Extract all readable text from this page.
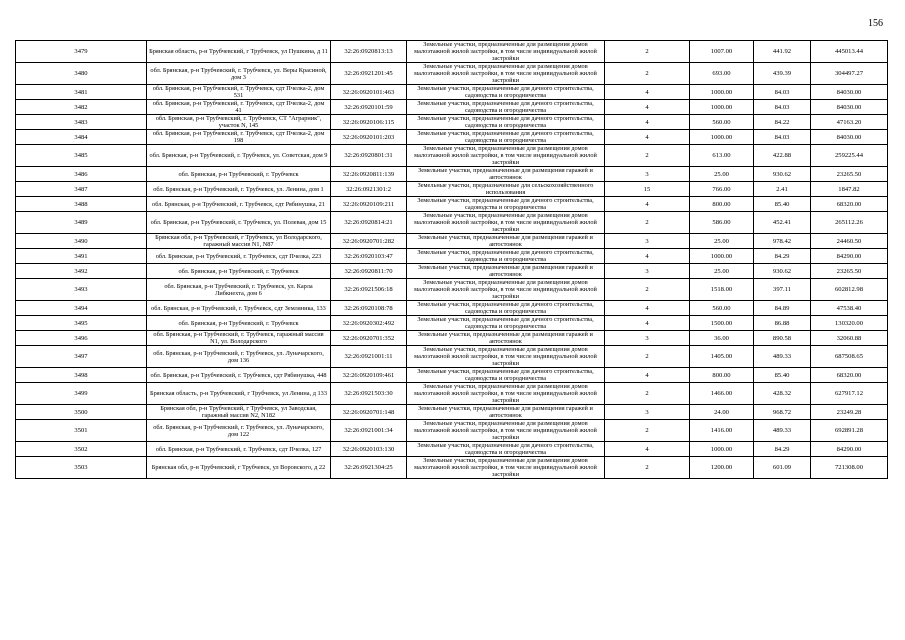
156
3479	Брянская область, р-н Трубчевский, г Трубчевск, ул Пушкина, д 11	32:26:0920813:13	Земельные участки, предназначенные для размещения домов малоэтажной жилой застройки, в том числе индивидуальной жилой застройки	2	1007.00	441.92	445013.44
3480	обл. Брянская, р-н Трубчевский, г. Трубчевск, ул. Веры Красиной, дом 3	32:26:0921201:45	Земельные участки, предназначенные для размещения домов малоэтажной жилой застройки, в том числе индивидуальной жилой застройки	2	693.00	439.39	304497.27
3481	обл. Брянская, р-н Трубчевский, г. Трубчевск, сдт Пчелка-2, дом 531	32:26:0920101:463	Земельные участки, предназначенные для дачного строительства, садоводства и огородничества	4	1000.00	84.03	84030.00
3482	обл. Брянская, р-н Трубчевский, г. Трубчевск, сдт Пчелка-2, дом 41	32:26:0920101:59	Земельные участки, предназначенные для дачного строительства, садоводства и огородничества	4	1000.00	84.03	84030.00
3483	обл. Брянская, р-н Трубчевский, г. Трубчевск, СТ "Аграрник", участок N, 145	32:26:0920106:115	Земельные участки, предназначенные для дачного строительства, садоводства и огородничества	4	560.00	84.22	47163.20
3484	обл. Брянская, р-н Трубчевский, г. Трубчевск, сдт Пчелка-2, дом 198	32:26:0920101:203	Земельные участки, предназначенные для дачного строительства, садоводства и огородничества	4	1000.00	84.03	84030.00
3485	обл. Брянская, р-н Трубчевский, г. Трубчевск, ул. Советская, дом 9	32:26:0920801:31	Земельные участки, предназначенные для размещения домов малоэтажной жилой застройки, в том числе индивидуальной жилой застройки	2	613.00	422.88	259225.44
3486	обл. Брянская, р-н Трубчевский, г. Трубчевск	32:26:0920811:139	Земельные участки, предназначенные для размещения гаражей и автостоянок	3	25.00	930.62	23265.50
3487	обл. Брянская, р-н Трубчевский, г. Трубчевск, ул. Ленина, дом 1	32:26:0921301:2	Земельные участки, предназначенные для сельскохозяйственного использования	15	766.00	2.41	1847.82
3488	обл. Брянская, р-н Трубчевский, г. Трубчевск, сдт Рябинушка, 21	32:26:0920109:211	Земельные участки, предназначенные для дачного строительства, садоводства и огородничества	4	800.00	85.40	68320.00
3489	обл. Брянская, р-н Трубчевский, г. Трубчевск, ул. Полевая, дом 15	32:26:0920814:21	Земельные участки, предназначенные для размещения домов малоэтажной жилой застройки, в том числе индивидуальной жилой застройки	2	586.00	452.41	265112.26
3490	Брянская обл, р-н Трубчевский, г Трубчевск, ул Володарского, гаражный массив N1, N87	32:26:0920701:282	Земельные участки, предназначенные для размещения гаражей и автостоянок	3	25.00	978.42	24460.50
3491	обл. Брянская, р-н Трубчевский, г. Трубчевск, сдт Пчелка, 223	32:26:0920103:47	Земельные участки, предназначенные для дачного строительства, садоводства и огородничества	4	1000.00	84.29	84290.00
3492	обл. Брянская, р-н Трубчевский, г. Трубчевск	32:26:0920811:70	Земельные участки, предназначенные для размещения гаражей и автостоянок	3	25.00	930.62	23265.50
3493	обл. Брянская, р-н Трубчевский, г. Трубчевск, ул. Карла Либкнехта, дом 6	32:26:0921506:18	Земельные участки, предназначенные для размещения домов малоэтажной жилой застройки, в том числе индивидуальной жилой застройки	2	1518.00	397.11	602812.98
3494	обл. Брянская, р-н Трубчевский, г. Трубчевск, сдт Земляника, 133	32:26:0920108:78	Земельные участки, предназначенные для дачного строительства, садоводства и огородничества	4	560.00	84.89	47538.40
3495	обл. Брянская, р-н Трубчевский, г. Трубчевск	32:26:0920302:492	Земельные участки, предназначенные для дачного строительства, садоводства и огородничества	4	1500.00	86.88	130320.00
3496	обл. Брянская, р-н Трубчевский, г. Трубчевск, гаражный массив N1, ул. Володарского	32:26:0920701:352	Земельные участки, предназначенные для размещения гаражей и автостоянок	3	36.00	890.58	32060.88
3497	обл. Брянская, р-н Трубчевский, г. Трубчевск, ул. Луначарского, дом 136	32:26:0921001:11	Земельные участки, предназначенные для размещения домов малоэтажной жилой застройки, в том числе индивидуальной жилой застройки	2	1405.00	489.33	687508.65
3498	обл. Брянская, р-н Трубчевский, г. Трубчевск, сдт Рябинушка, 448	32:26:0920109:461	Земельные участки, предназначенные для дачного строительства, садоводства и огородничества	4	800.00	85.40	68320.00
3499	Брянская область, р-н Трубчевский, г Трубчевск, ул Ленина, д 133	32:26:0921503:30	Земельные участки, предназначенные для размещения домов малоэтажной жилой застройки, в том числе индивидуальной жилой застройки	2	1466.00	428.32	627917.12
3500	Брянская обл, р-н Трубчевский, г Трубчевск, ул Заводская, гаражный массив N2, N182	32:26:0920701:148	Земельные участки, предназначенные для размещения гаражей и автостоянок	3	24.00	968.72	23249.28
3501	обл. Брянская, р-н Трубчевский, г. Трубчевск, ул. Луначарского, дом 122	32:26:0921001:34	Земельные участки, предназначенные для размещения домов малоэтажной жилой застройки, в том числе индивидуальной жилой застройки	2	1416.00	489.33	692891.28
3502	обл. Брянская, р-н Трубчевский, г. Трубчевск, сдт Пчелка, 127	32:26:0920103:130	Земельные участки, предназначенные для дачного строительства, садоводства и огородничества	4	1000.00	84.29	84290.00
3503	Брянская обл, р-н Трубчевский, г Трубчевск, ул Воровского, д 22	32:26:0921304:25	Земельные участки, предназначенные для размещения домов малоэтажной жилой застройки, в том числе индивидуальной жилой застройки	2	1200.00	601.09	721308.00
